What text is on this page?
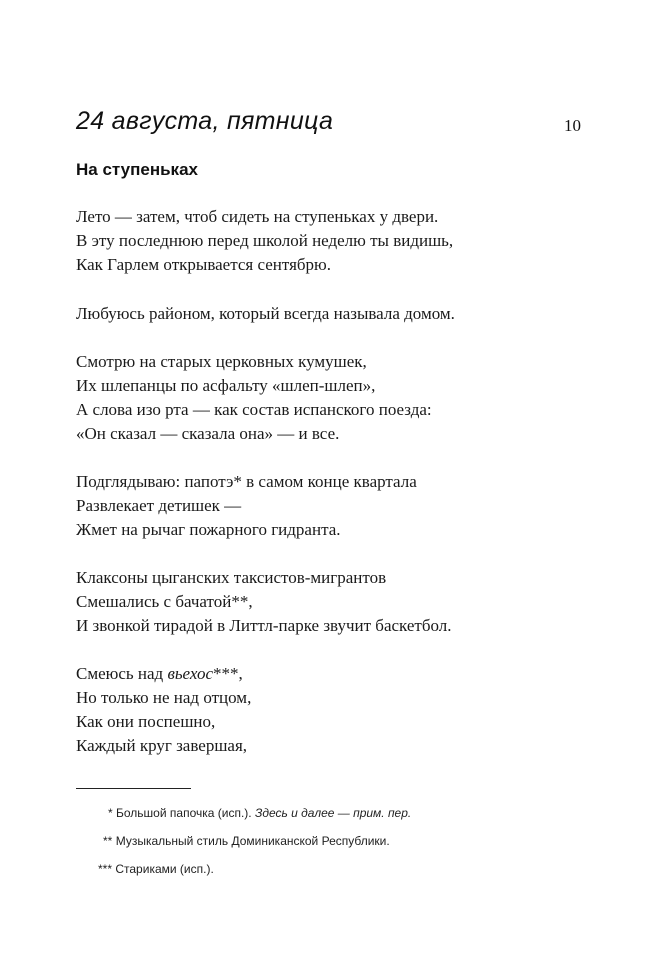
24 августа, пятница	10
На ступеньках
Лето — затем, чтоб сидеть на ступеньках у двери.
В эту последнюю перед школой неделю ты видишь,
Как Гарлем открывается сентябрю.
Любуюсь районом, который всегда называла домом.
Смотрю на старых церковных кумушек,
Их шлепанцы по асфальту «шлеп-шлеп»,
А слова изо рта — как состав испанского поезда:
«Он сказал — сказала она» — и все.
Подглядываю: папотэ* в самом конце квартала
Развлекает детишек —
Жмет на рычаг пожарного гидранта.
Клаксоны цыганских таксистов-мигрантов
Смешались с бачатой**,
И звонкой тирадой в Литтл-парке звучит баскетбол.
Смеюсь над вьехос***,
Но только не над отцом,
Как они поспешно,
Каждый круг завершая,
* Большой папочка (исп.). Здесь и далее — прим. пер.
** Музыкальный стиль Доминиканской Республики.
*** Стариками (исп.).
